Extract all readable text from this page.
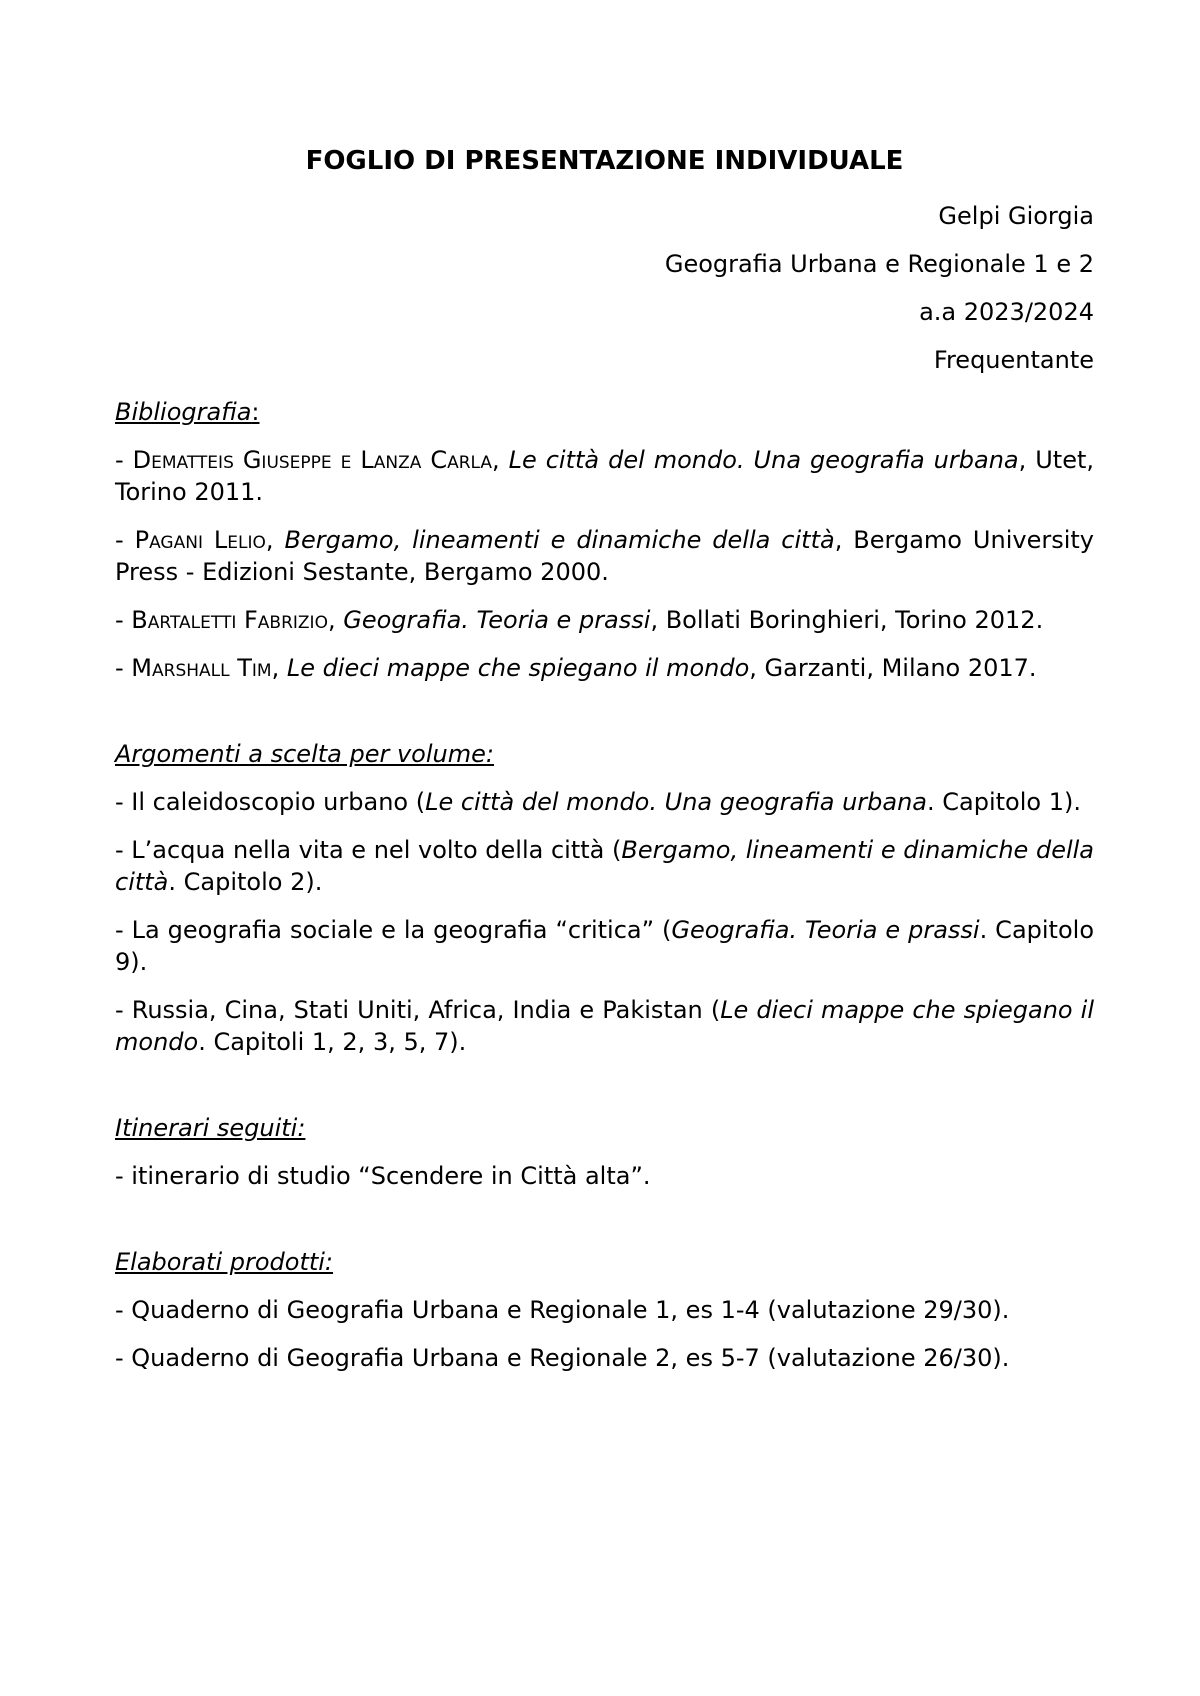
FOGLIO DI PRESENTAZIONE INDIVIDUALE
Gelpi Giorgia
Geografia Urbana e Regionale 1 e 2
a.a 2023/2024
Frequentante
Bibliografia:
- Dematteis Giuseppe e Lanza Carla, Le città del mondo. Una geografia urbana, Utet, Torino 2011.
- Pagani Lelio, Bergamo, lineamenti e dinamiche della città, Bergamo University Press - Edizioni Sestante, Bergamo 2000.
- Bartaletti Fabrizio, Geografia. Teoria e prassi, Bollati Boringhieri, Torino 2012.
- Marshall Tim, Le dieci mappe che spiegano il mondo, Garzanti, Milano 2017.
Argomenti a scelta per volume:
- Il caleidoscopio urbano (Le città del mondo. Una geografia urbana. Capitolo 1).
- L’acqua nella vita e nel volto della città (Bergamo, lineamenti e dinamiche della città. Capitolo 2).
- La geografia sociale e la geografia “critica” (Geografia. Teoria e prassi. Capitolo 9).
- Russia, Cina, Stati Uniti, Africa, India e Pakistan (Le dieci mappe che spiegano il mondo. Capitoli 1, 2, 3, 5, 7).
Itinerari seguiti:
- itinerario di studio “Scendere in Città alta”.
Elaborati prodotti:
- Quaderno di Geografia Urbana e Regionale 1, es 1-4 (valutazione 29/30).
- Quaderno di Geografia Urbana e Regionale 2, es 5-7 (valutazione 26/30).
